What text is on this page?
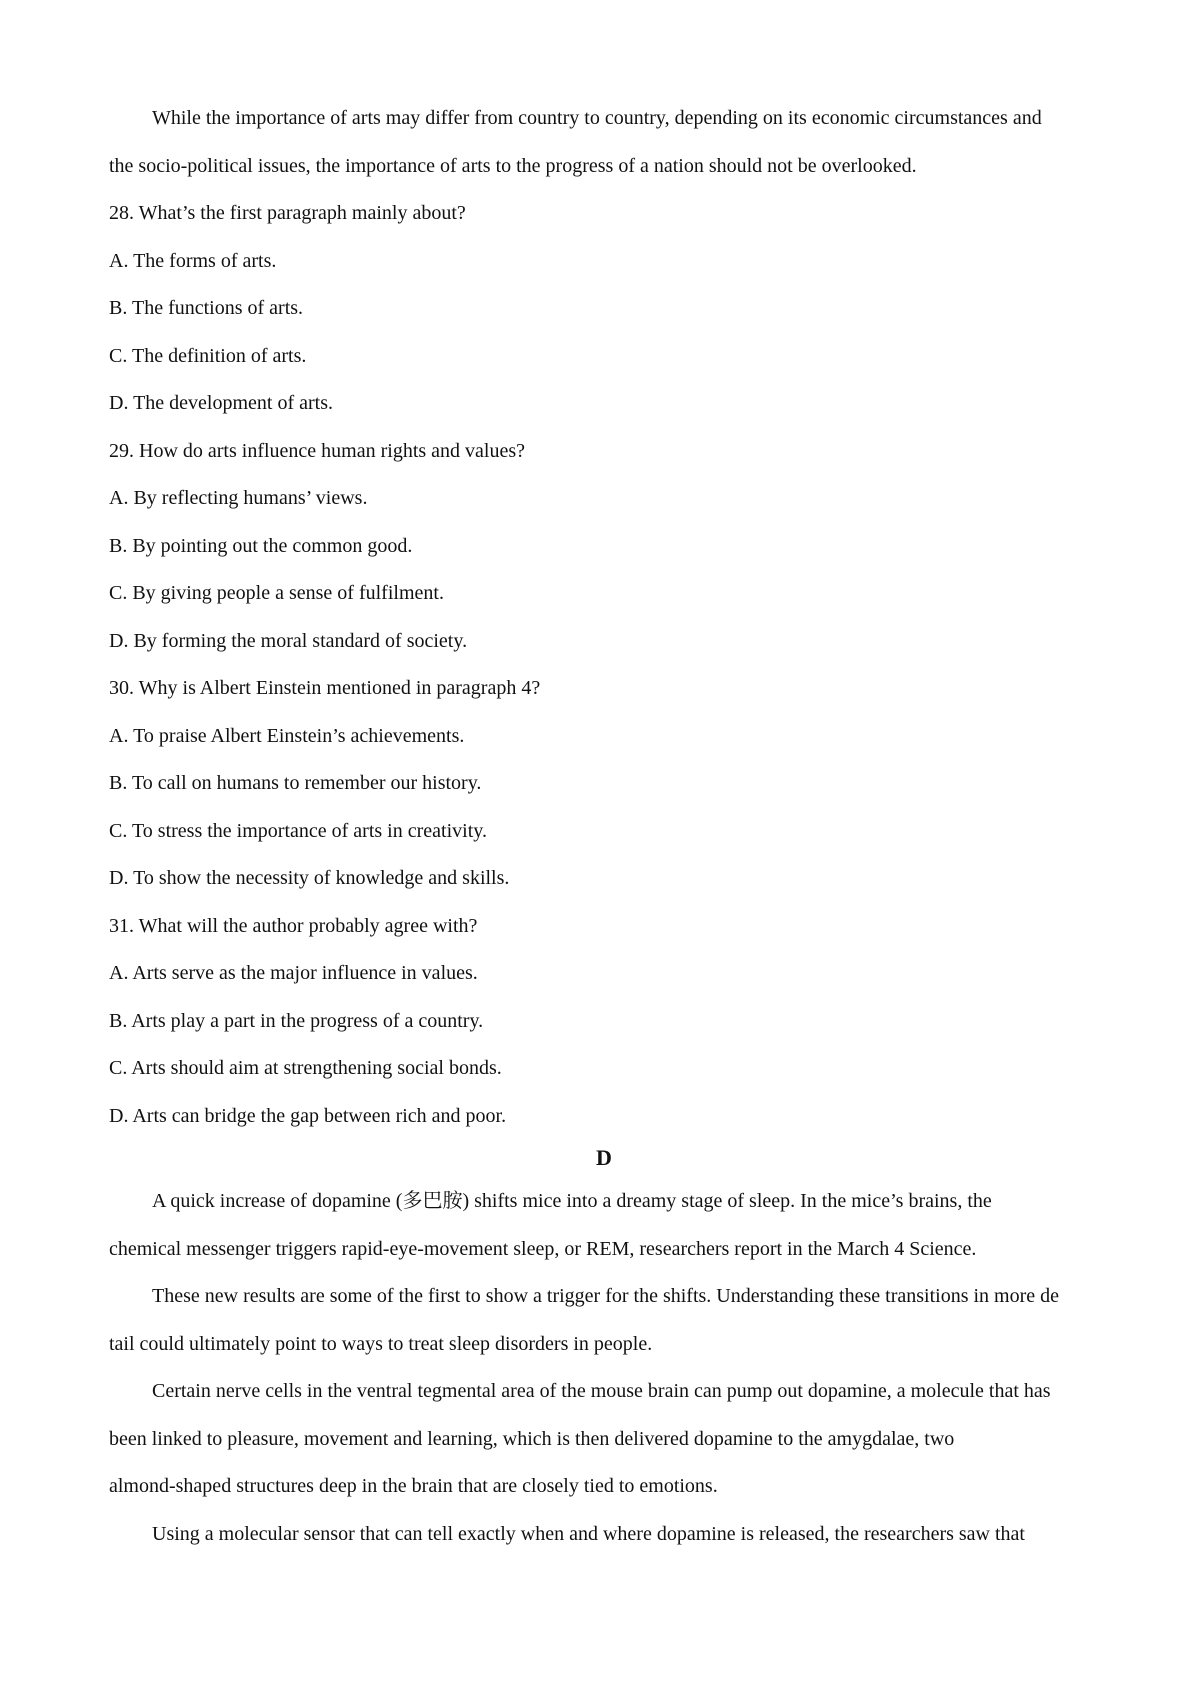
While the importance of arts may differ from country to country, depending on its economic circumstances and
the socio-political issues, the importance of arts to the progress of a nation should not be overlooked.
28. What’s the first paragraph mainly about?
A. The forms of arts.
B. The functions of arts.
C. The definition of arts.
D. The development of arts.
29. How do arts influence human rights and values?
A. By reflecting humans’ views.
B. By pointing out the common good.
C. By giving people a sense of fulfilment.
D. By forming the moral standard of society.
30. Why is Albert Einstein mentioned in paragraph 4?
A. To praise Albert Einstein’s achievements.
B. To call on humans to remember our history.
C. To stress the importance of arts in creativity.
D. To show the necessity of knowledge and skills.
31. What will the author probably agree with?
A. Arts serve as the major influence in values.
B. Arts play a part in the progress of a country.
C. Arts should aim at strengthening social bonds.
D. Arts can bridge the gap between rich and poor.
D
A quick increase of dopamine (多巴胺) shifts mice into a dreamy stage of sleep. In the mice’s brains, the
chemical messenger triggers rapid-eye-movement sleep, or REM, researchers report in the March 4 Science.
These new results are some of the first to show a trigger for the shifts. Understanding these transitions in more de
tail could ultimately point to ways to treat sleep disorders in people.
Certain nerve cells in the ventral tegmental area of the mouse brain can pump out dopamine, a molecule that has
been linked to pleasure, movement and learning, which is then delivered dopamine to the amygdalae, two
almond-shaped structures deep in the brain that are closely tied to emotions.
Using a molecular sensor that can tell exactly when and where dopamine is released, the researchers saw that
